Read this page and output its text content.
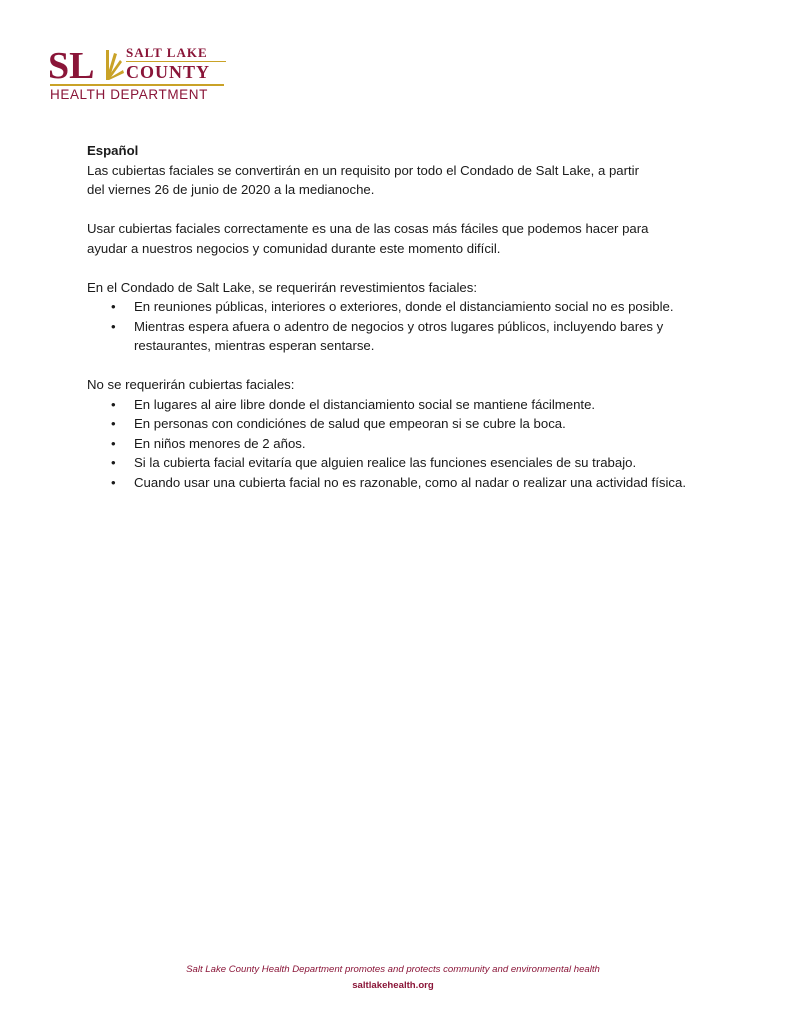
SL SALT LAKE
COUNTY
HEALTH DEPARTMENT

Español

Las cubiertas faciales se convertirán en un requisito por todo el Condado de Salt Lake, a partir

del viernes 26 de junio de 2020 a la medianoche.

Usar cubiertas faciales correctamente es una de las cosas más fáciles que podemos hacer para

ayudar a nuestros negocios y comunidad durante este momento difícil.

En el Condado de Salt Lake, se requerirán revestimientos faciales:

• En reuniones públicas, interiores o exteriores, donde el distanciamiento social no es posible.
• Mientras espera afuera o adentro de negocios y otros lugares públicos, incluyendo bares y restaurantes, mientras esperan sentarse.

No se requerirán cubiertas faciales:

• En lugares al aire libre donde el distanciamiento social se mantiene fácilmente.
• En personas con condiciónes de salud que empeoran si se cubre la boca.
• En niños menores de 2 años.
• Si la cubierta facial evitaría que alguien realice las funciones esenciales de su trabajo.
• Cuando usar una cubierta facial no es razonable, como al nadar o realizar una actividad física.
Salt Lake County Health Department promotes and protects community and environmental health
saltlakehealth.org
